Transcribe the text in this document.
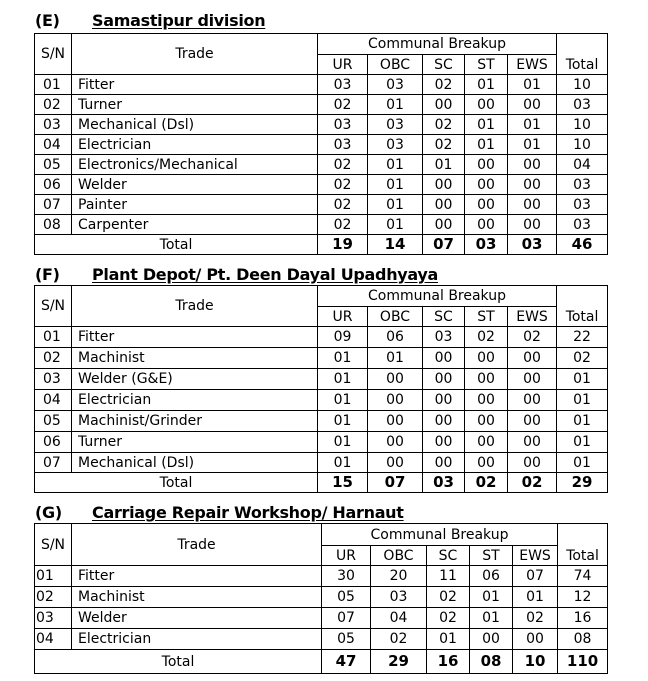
(E) Samastipur division
S/N	Trade	Communal Breakup					Total
		UR	OBC	SC	ST	EWS	
01	Fitter	03	03	02	01	01	10
02	Turner	02	01	00	00	00	03
03	Mechanical (Dsl)	03	03	02	01	01	10
04	Electrician	03	03	02	01	01	10
05	Electronics/Mechanical	02	01	01	00	00	04
06	Welder	02	01	00	00	00	03
07	Painter	02	01	00	00	00	03
08	Carpenter	02	01	00	00	00	03
Total		19	14	07	03	03	46
(F) Plant Depot/ Pt. Deen Dayal Upadhyaya
S/N	Trade	Communal Breakup					Total
		UR	OBC	SC	ST	EWS	
01	Fitter	09	06	03	02	02	22
02	Machinist	01	01	00	00	00	02
03	Welder (G&E)	01	00	00	00	00	01
04	Electrician	01	00	00	00	00	01
05	Machinist/Grinder	01	00	00	00	00	01
06	Turner	01	00	00	00	00	01
07	Mechanical (Dsl)	01	00	00	00	00	01
Total		15	07	03	02	02	29
(G) Carriage Repair Workshop/ Harnaut
S/N	Trade	Communal Breakup					Total
		UR	OBC	SC	ST	EWS	
01	Fitter	30	20	11	06	07	74
02	Machinist	05	03	02	01	01	12
03	Welder	07	04	02	01	02	16
04	Electrician	05	02	01	00	00	08
Total		47	29	16	08	10	110
